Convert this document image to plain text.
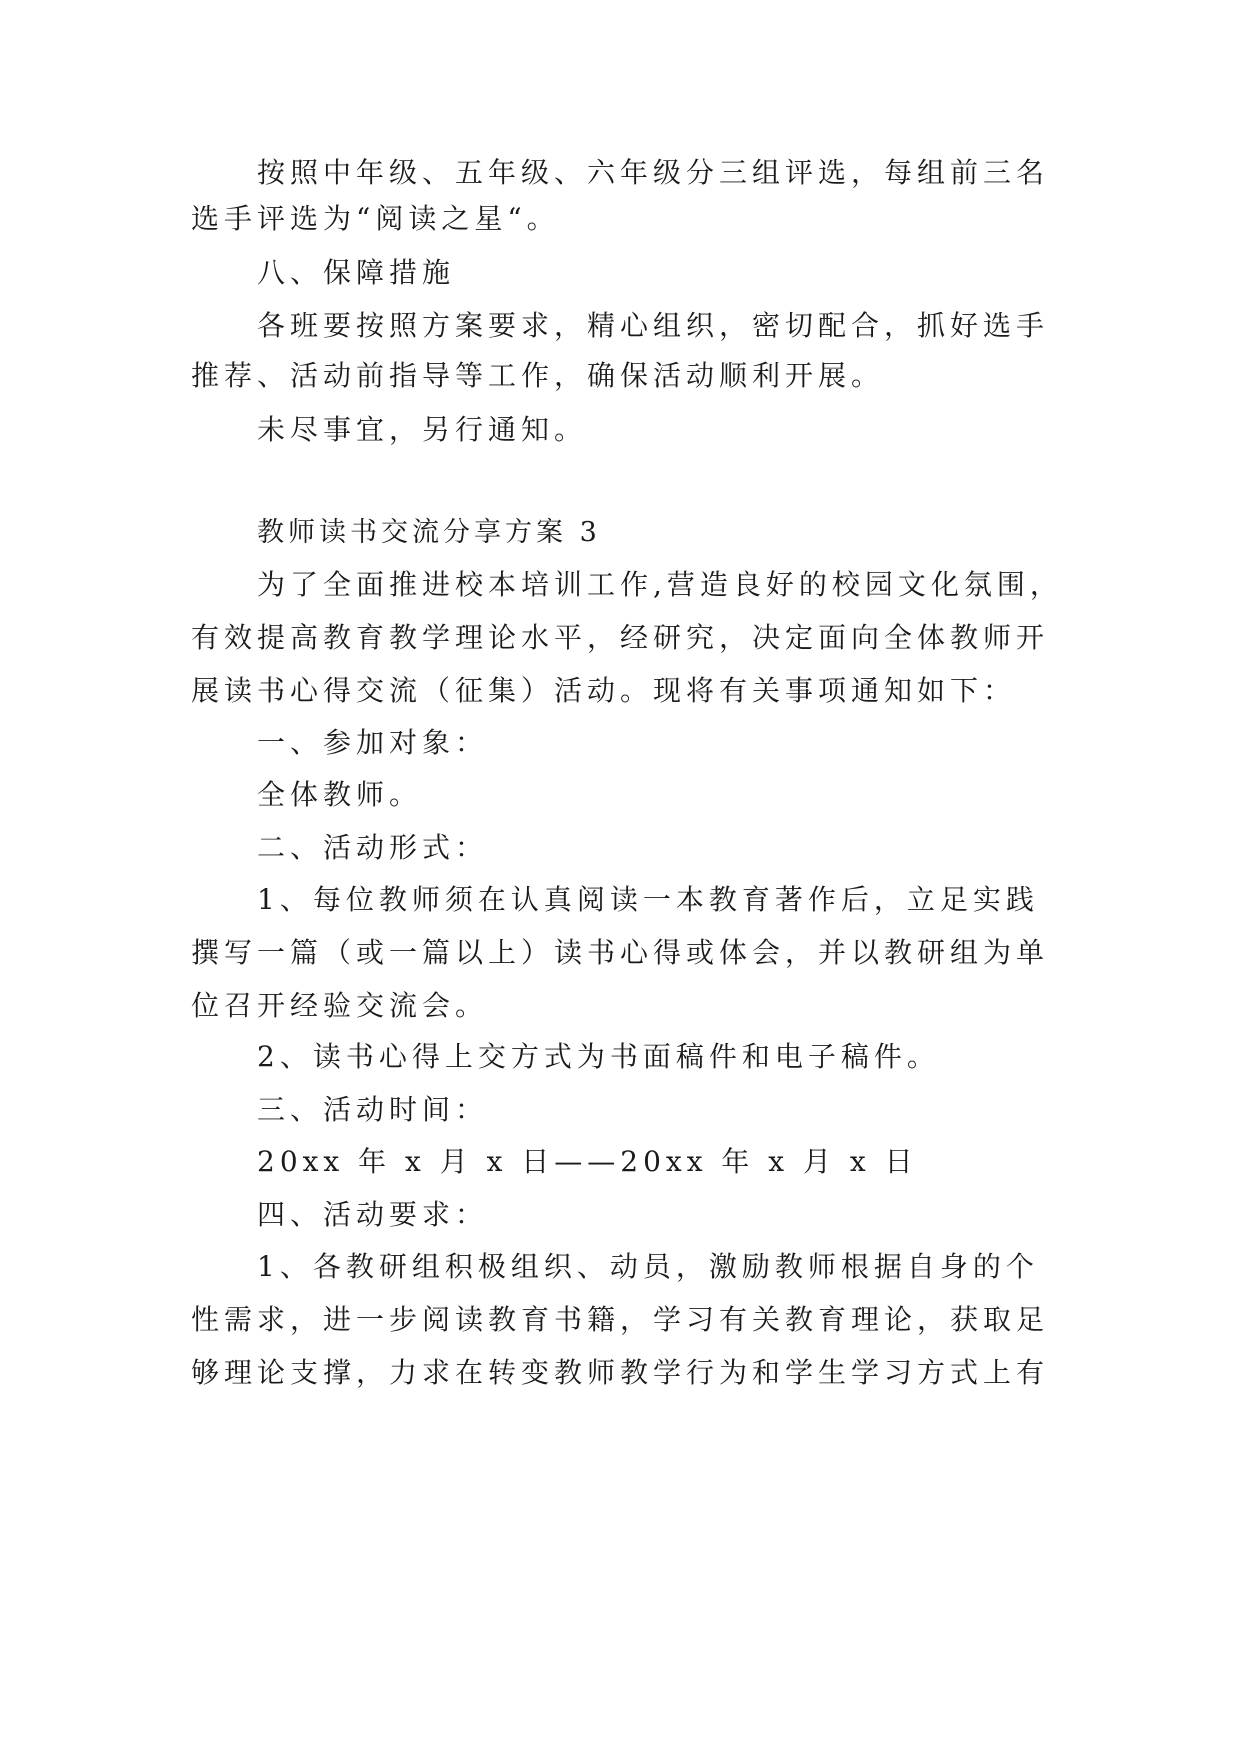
按照中年级、五年级、六年级分三组评选，每组前三名
选手评选为“阅读之星“。
八、保障措施
各班要按照方案要求，精心组织，密切配合，抓好选手
推荐、活动前指导等工作，确保活动顺利开展。
未尽事宜，另行通知。
教师读书交流分享方案 3
为了全面推进校本培训工作,营造良好的校园文化氛围，
有效提高教育教学理论水平，经研究，决定面向全体教师开
展读书心得交流（征集）活动。现将有关事项通知如下：
一、参加对象：
全体教师。
二、活动形式：
1、每位教师须在认真阅读一本教育著作后，立足实践
撰写一篇（或一篇以上）读书心得或体会，并以教研组为单
位召开经验交流会。
2、读书心得上交方式为书面稿件和电子稿件。
三、活动时间：
20xx 年 x 月 x 日——20xx 年 x 月 x 日
四、活动要求：
1、各教研组积极组织、动员，激励教师根据自身的个
性需求，进一步阅读教育书籍，学习有关教育理论，获取足
够理论支撑，力求在转变教师教学行为和学生学习方式上有
